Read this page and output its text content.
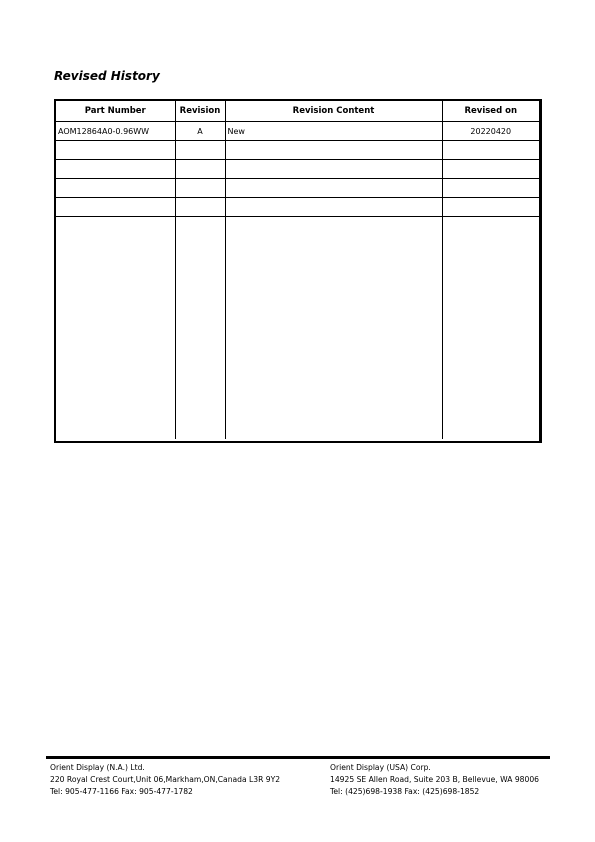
Revised History
Part Number	Revision	Revision Content	Revised on
AOM12864A0-0.96WW	A	New	20220420

Orient Display (N.A.) Ltd.
220 Royal Crest Court,Unit 06,Markham,ON,Canada L3R 9Y2
Tel: 905-477-1166 Fax: 905-477-1782
Orient Display (USA) Corp.
14925 SE Allen Road, Suite 203 B, Bellevue, WA 98006
Tel: (425)698-1938 Fax: (425)698-1852
